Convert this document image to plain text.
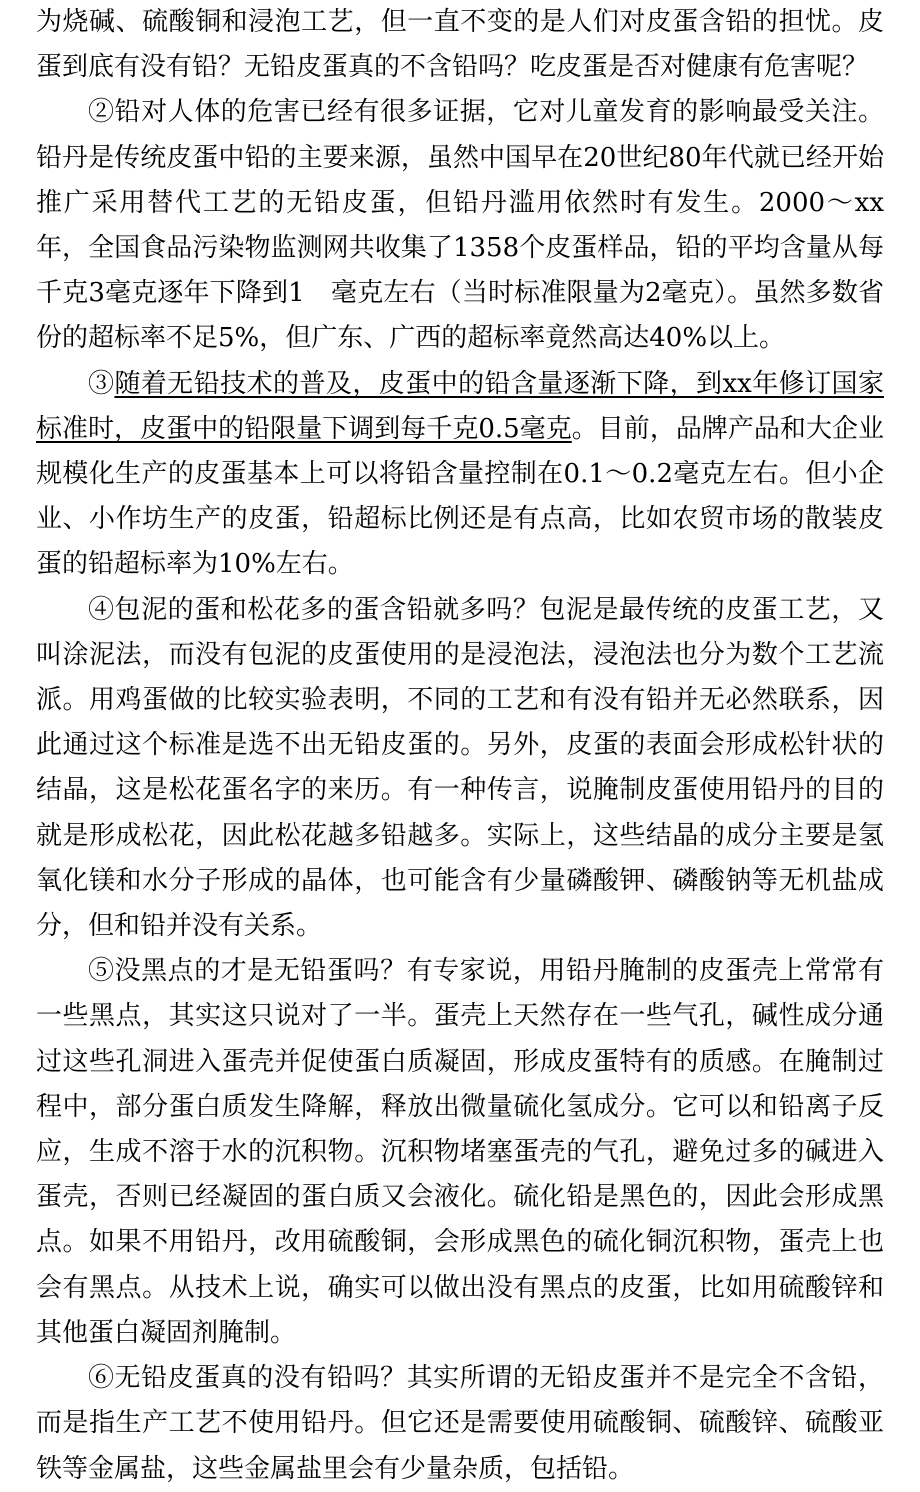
为烧碱、硫酸铜和浸泡工艺，但一直不变的是人们对皮蛋含铅的担忧。皮蛋到底有没有铅？无铅皮蛋真的不含铅吗？吃皮蛋是否对健康有危害呢？

②铅对人体的危害已经有很多证据，它对儿童发育的影响最受关注。铅丹是传统皮蛋中铅的主要来源，虽然中国早在20世纪80年代就已经开始推广采用替代工艺的无铅皮蛋，但铅丹滥用依然时有发生。2000～xx年，全国食品污染物监测网共收集了1358个皮蛋样品，铅的平均含量从每千克3毫克逐年下降到1　毫克左右（当时标准限量为2毫克）。虽然多数省份的超标率不足5%，但广东、广西的超标率竟然高达40%以上。

③随着无铅技术的普及，皮蛋中的铅含量逐渐下降，到xx年修订国家标准时，皮蛋中的铅限量下调到每千克0.5毫克。目前，品牌产品和大企业规模化生产的皮蛋基本上可以将铅含量控制在0.1～0.2毫克左右。但小企业、小作坊生产的皮蛋，铅超标比例还是有点高，比如农贸市场的散装皮蛋的铅超标率为10%左右。

④包泥的蛋和松花多的蛋含铅就多吗？包泥是最传统的皮蛋工艺，又叫涂泥法，而没有包泥的皮蛋使用的是浸泡法，浸泡法也分为数个工艺流派。用鸡蛋做的比较实验表明，不同的工艺和有没有铅并无必然联系，因此通过这个标准是选不出无铅皮蛋的。另外，皮蛋的表面会形成松针状的结晶，这是松花蛋名字的来历。有一种传言，说腌制皮蛋使用铅丹的目的就是形成松花，因此松花越多铅越多。实际上，这些结晶的成分主要是氢氧化镁和水分子形成的晶体，也可能含有少量磷酸钾、磷酸钠等无机盐成分，但和铅并没有关系。

⑤没黑点的才是无铅蛋吗？有专家说，用铅丹腌制的皮蛋壳上常常有一些黑点，其实这只说对了一半。蛋壳上天然存在一些气孔，碱性成分通过这些孔洞进入蛋壳并促使蛋白质凝固，形成皮蛋特有的质感。在腌制过程中，部分蛋白质发生降解，释放出微量硫化氢成分。它可以和铅离子反应，生成不溶于水的沉积物。沉积物堵塞蛋壳的气孔，避免过多的碱进入蛋壳，否则已经凝固的蛋白质又会液化。硫化铅是黑色的，因此会形成黑点。如果不用铅丹，改用硫酸铜，会形成黑色的硫化铜沉积物，蛋壳上也会有黑点。从技术上说，确实可以做出没有黑点的皮蛋，比如用硫酸锌和其他蛋白凝固剂腌制。

⑥无铅皮蛋真的没有铅吗？其实所谓的无铅皮蛋并不是完全不含铅，而是指生产工艺不使用铅丹。但它还是需要使用硫酸铜、硫酸锌、硫酸亚铁等金属盐，这些金属盐里会有少量杂质，包括铅。
